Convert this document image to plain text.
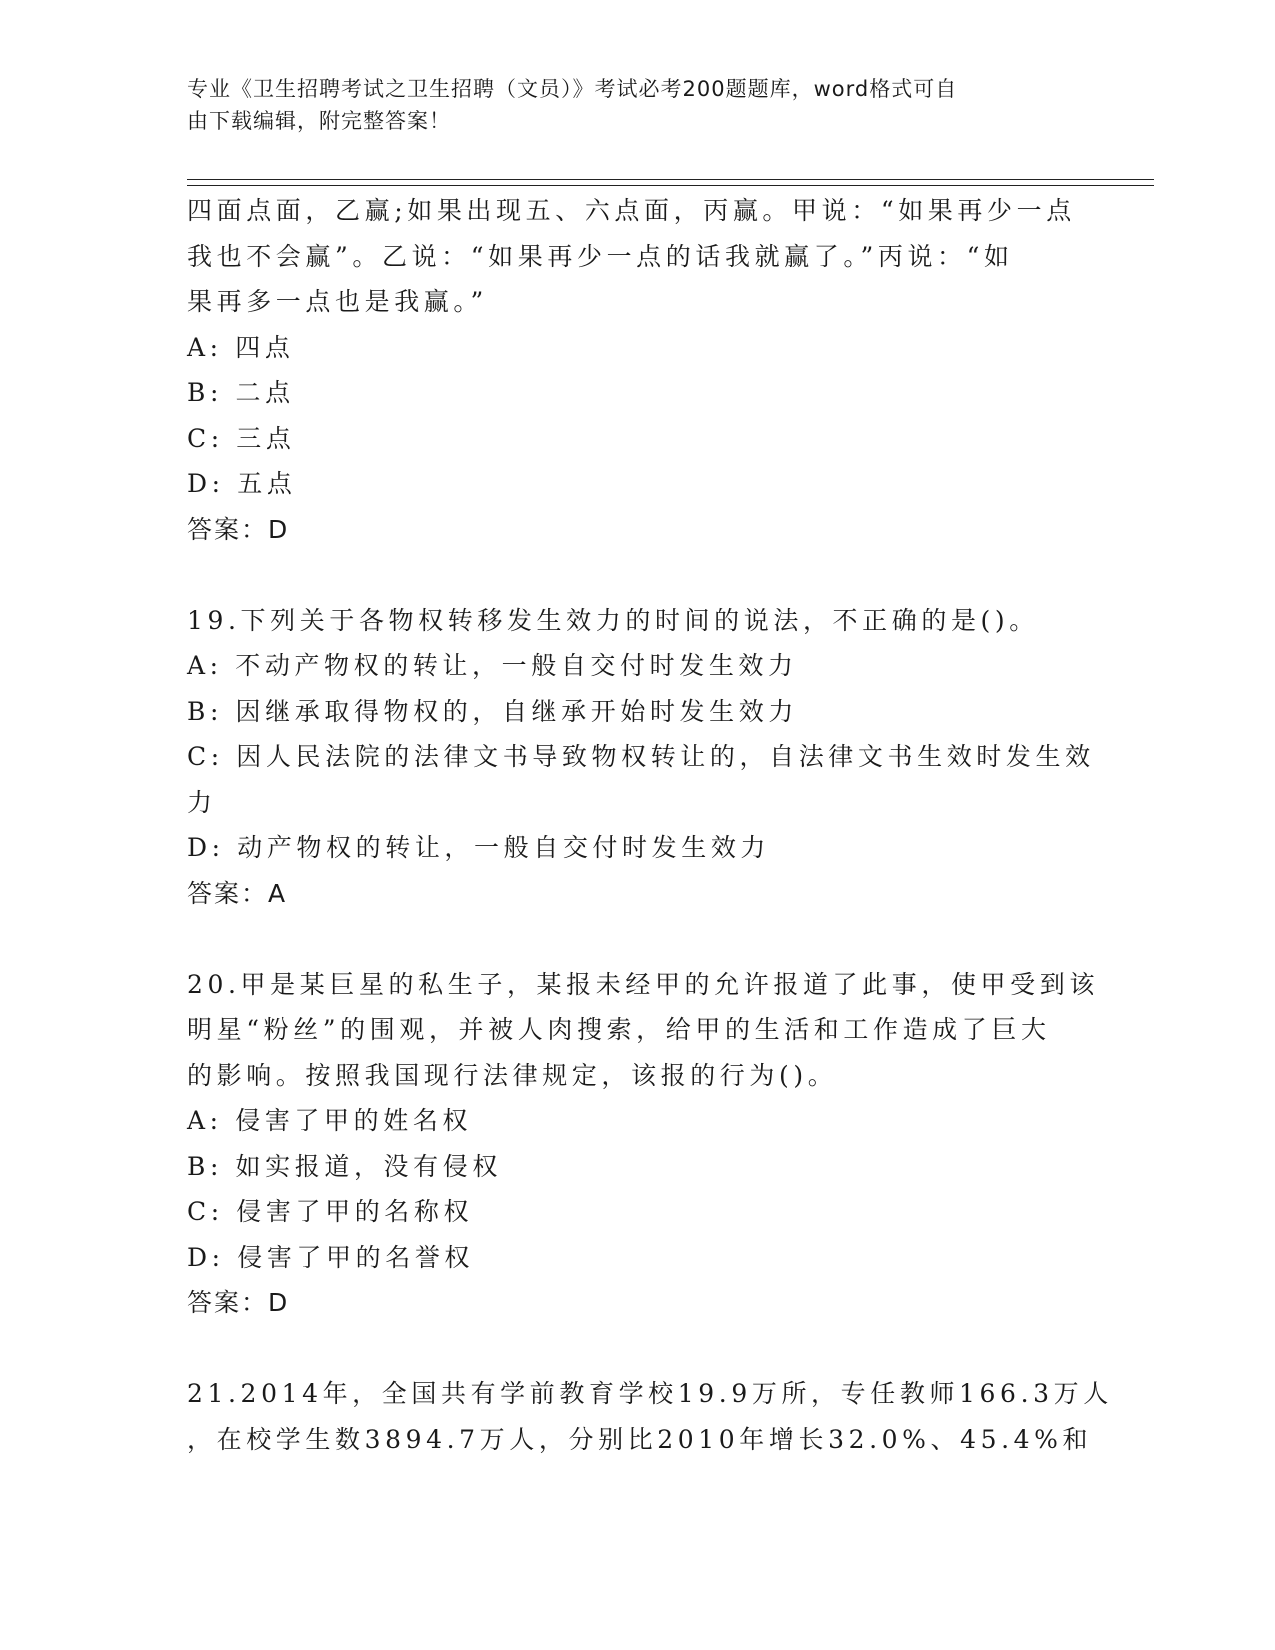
专业《卫生招聘考试之卫生招聘（文员）》考试必考200题题库，word格式可自
由下载编辑，附完整答案！
四面点面，乙赢;如果出现五、六点面，丙赢。甲说：“如果再少一点
我也不会赢”。乙说：“如果再少一点的话我就赢了。”丙说：“如
果再多一点也是我赢。”
A: 四点
B: 二点
C: 三点
D: 五点
答案：D
19.下列关于各物权转移发生效力的时间的说法，不正确的是()。
A: 不动产物权的转让，一般自交付时发生效力
B: 因继承取得物权的，自继承开始时发生效力
C: 因人民法院的法律文书导致物权转让的，自法律文书生效时发生效
力
D: 动产物权的转让，一般自交付时发生效力
答案：A
20.甲是某巨星的私生子，某报未经甲的允许报道了此事，使甲受到该
明星“粉丝”的围观，并被人肉搜索，给甲的生活和工作造成了巨大
的影响。按照我国现行法律规定，该报的行为()。
A: 侵害了甲的姓名权
B: 如实报道，没有侵权
C: 侵害了甲的名称权
D: 侵害了甲的名誉权
答案：D
21.2014年，全国共有学前教育学校19.9万所，专任教师166.3万人
，在校学生数3894.7万人，分别比2010年增长32.0%、45.4%和
